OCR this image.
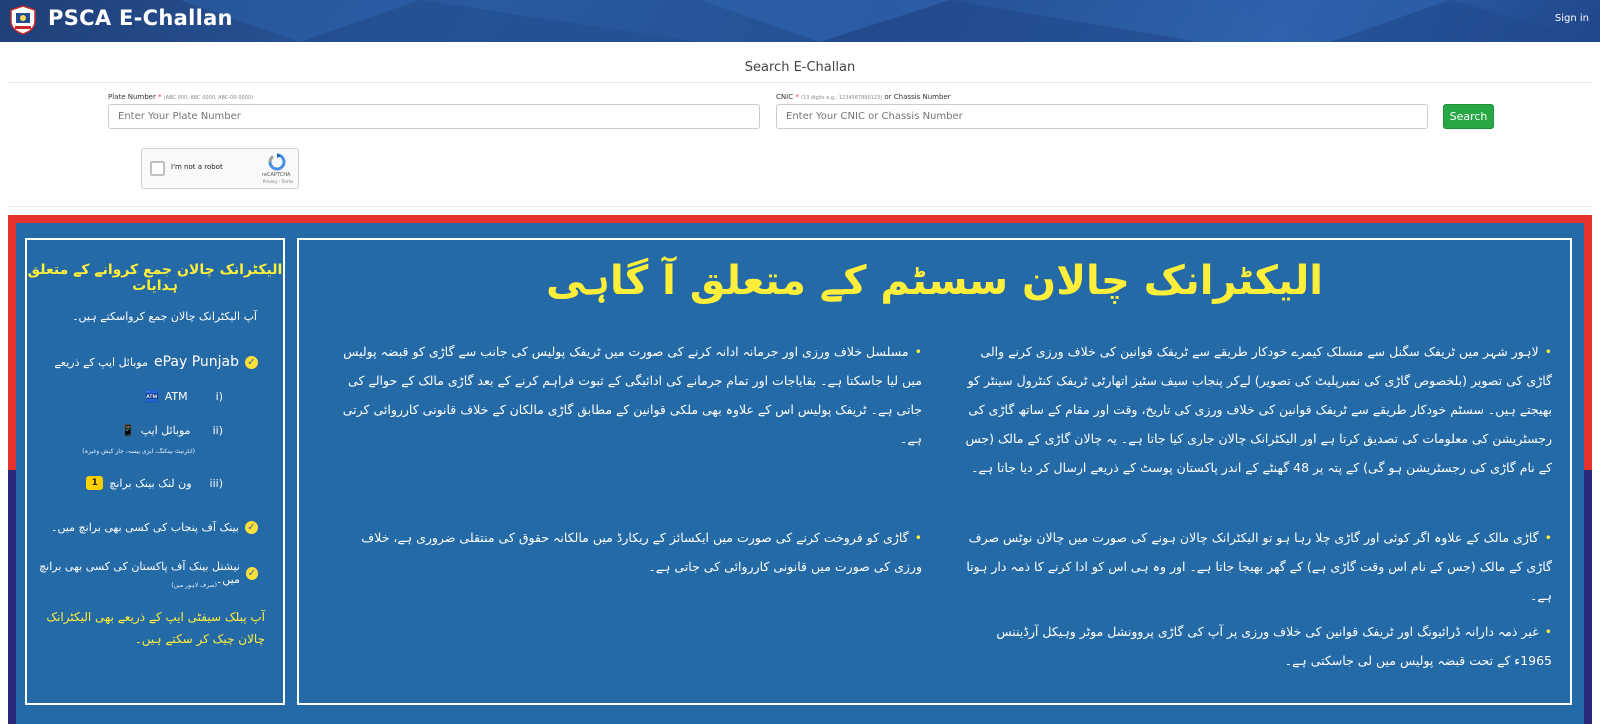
PSCA E-Challan	Sign in
Search E-Challan
Plate Number * (ABC 000, ABC 0000, ABC-00-0000)
Enter Your Plate Number	CNIC * (13 digits e.g., 1234567890123) or Chassis Number
Enter Your CNIC or Chassis Number
Search
I'm not a robot
reCAPTCHA
Privacy - Terms
الیکٹرانک چالان جمع کروانے کے متعلق ہدایات
آپ الیکٹرانک چالان جمع کرواسکتے ہیں۔
✓
ePay Punjab
موبائل ایپ کے ذریعے
(i
ATM
🏧
(ii
موبائل ایپ
📱
(انٹرنیٹ بینکنگ، ایزی پیسہ، جاز کیش وغیرہ)
(iii
ون لنک بینک برانچ
1
✓
بینک آف پنجاب کی کسی بھی برانچ میں۔
✓
نیشنل بینک آف پاکستان کی کسی بھی برانچ میں۔
(صرف لاہور میں)
آپ پبلک سیفٹی ایپ کے ذریعے بھی الیکٹرانک چالان چیک کر سکتے ہیں۔
الیکٹرانک چالان سسٹم کے متعلق آ گاہی
•لاہور شہر میں ٹریفک سگنل سے منسلک کیمرے خودکار طریقے سے ٹریفک قوانین کی خلاف ورزی کرنے والی گاڑی کی تصویر (بلخصوص گاڑی کی نمبرپلیٹ کی تصویر) لےکر پنجاب سیف سٹیز اتھارٹی ٹریفک کنٹرول سینٹر کو بھیجتے ہیں۔ سسٹم خودکار طریقے سے ٹریفک قوانین کی خلاف ورزی کی تاریخ، وقت اور مقام کے ساتھ گاڑی کی رجسٹریشن کی معلومات کی تصدیق کرتا ہے اور الیکٹرانک چالان جاری کیا جاتا ہے۔ یہ چالان گاڑی کے مالک (جس کے نام گاڑی کی رجسٹریشن ہو گی) کے پتہ پر 48 گھنٹے کے اندر پاکستان پوسٹ کے ذریعے ارسال کر دیا جاتا ہے۔
•مسلسل خلاف ورزی اور جرمانہ ادانہ کرنے کی صورت میں ٹریفک پولیس کی جانب سے گاڑی کو قبضہ پولیس میں لیا جاسکتا ہے۔ بقایاجات اور تمام جرمانے کی ادائیگی کے ثبوت فراہم کرنے کے بعد گاڑی مالک کے حوالے کی جاتی ہے۔ ٹریفک پولیس اس کے علاوہ بھی ملکی قوانین کے مطابق گاڑی مالکان کے خلاف قانونی کارروائی کرتی ہے۔
•گاڑی مالک کے علاوہ اگر کوئی اور گاڑی چلا رہا ہو تو الیکٹرانک چالان ہونے کی صورت میں چالان نوٹس صرف گاڑی کے مالک (جس کے نام اس وقت گاڑی ہے) کے گھر بھیجا جاتا ہے۔ اور وہ ہی اس کو ادا کرنے کا ذمہ دار ہوتا ہے۔
•گاڑی کو فروخت کرنے کی صورت میں ایکسائز کے ریکارڈ میں مالکانہ حقوق کی منتقلی ضروری ہے، خلاف ورزی کی صورت میں قانونی کارروائی کی جاتی ہے۔
•غیر ذمہ دارانہ ڈرائیونگ اور ٹریفک قوانین کی خلاف ورزی پر آپ کی گاڑی پروونشل موٹر وہیکل آرڈیننس 1965ء کے تحت قبضہ پولیس میں لی جاسکتی ہے۔
